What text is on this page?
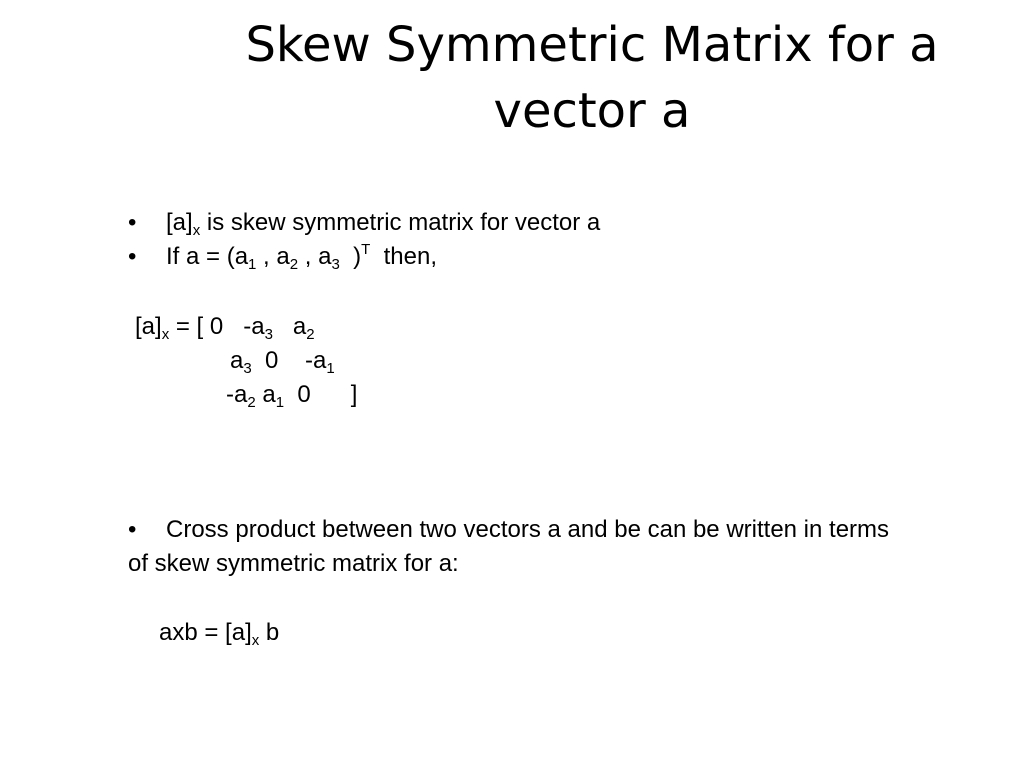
Skew Symmetric Matrix for a
vector a
• $[a]_x$ is skew symmetric matrix for vector a
• If $a = (a_1$ , $a_2$ , $a_3$  )$^T$  then,
$[a]_x$ = [ 0   $-a_3$   $a_2$
$a_3$  0    $-a_1$
$-a_2$ $a_1$  0      ]
• Cross product between two vectors a and be can be written in terms
of skew symmetric matrix for a:
axb = $[a]_x$ b
